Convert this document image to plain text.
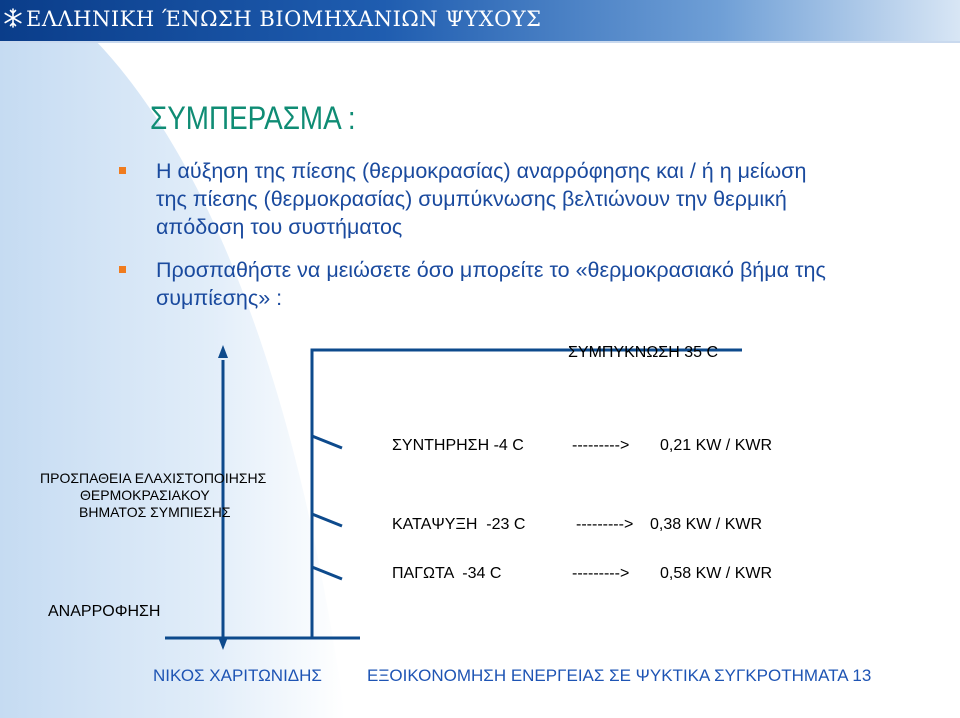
ΕΛΛΗΝΙΚΗ ΈΝΩΣΗ ΒΙΟΜΗΧΑΝΙΩΝ ΨΥΧΟΥΣ
ΣΥΜΠΕΡΑΣΜΑ :
Η αύξηση της πίεσης (θερμοκρασίας) αναρρόφησης και / ή η μείωση
της πίεσης (θερμοκρασίας) συμπύκνωσης βελτιώνουν την θερμική
απόδοση του συστήματος
Προσπαθήστε να μειώσετε όσο μπορείτε το «θερμοκρασιακό βήμα της
συμπίεσης» :
ΣΥΜΠΥΚΝΩΣΗ 35 C
ΠΡΟΣΠΑΘΕΙΑ ΕΛΑΧΙΣΤΟΠΟΙΗΣΗΣ
ΘΕΡΜΟΚΡΑΣΙΑΚΟΥ
ΒΗΜΑΤΟΣ ΣΥΜΠΙΕΣΗΣ
ΣΥΝΤΗΡΗΣΗ -4 C	---------> 0,21 KW / KWR
ΚΑΤΑΨΥΞΗ  -23 C	---------> 0,38 KW / KWR
ΠΑΓΩΤΑ  -34 C	---------> 0,58 KW / KWR
ΑΝΑΡΡΟΦΗΣΗ
ΝΙΚΟΣ ΧΑΡΙΤΩΝΙΔΗΣ	ΕΞΟΙΚΟΝΟΜΗΣΗ ΕΝΕΡΓΕΙΑΣ ΣΕ ΨΥΚΤΙΚΑ ΣΥΓΚΡΟΤΗΜΑΤΑ 13
